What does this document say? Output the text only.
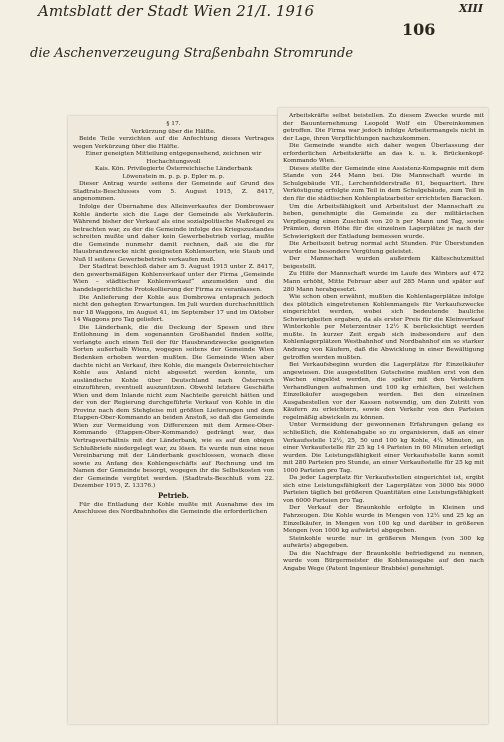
Amtsblatt der Stadt Wien 21/I. 1916	XIII
106
die Aschenverzeugung Straßenbahn Stromrunde

§ 17.

Verkürzung über die Hälfte.

Beide Teile verzichten auf die Anfechtung dieses Vertrages wegen Verkürzung über die Hälfte.

Einer geneigten Mitteilung entgegensehend, zeichnen wir Hochachtungsvoll

Kais. Kön. Privilegierte Österreichische Länderbank

Löwenstein m. p. p. p. Epler m. p.

Dieser Antrag wurde seitens der Gemeinde auf Grund des Stadtrats-Beschlusses vom 5. August 1915, Z. 8417, angenommen.

Infolge der Übernahme des Alleinverkaufes der Dombrowaer Kohle änderte sich die Lage der Gemeinde als Verkäuferin. Während bisher der Verkauf als eine sozialpolitische Maßregel zu betrachten war, zu der die Gemeinde infolge des Kriegszustandes schreiten mußte und daher kein Gewerbebetrieb vorlag, mußte die Gemeinde nunmehr damit rechnen, daß sie die für Hausbrandzwecke nicht geeigneten Kohlensorten, wie Staub und Nuß II seitens Gewerbebetrieb verkaufen muß.

Der Stadtrat beschloß daher am 5. August 1915 unter Z. 8417, den gewerbsmäßigen Kohlenverkauf unter der Firma „Gemeinde Wien – städtischer Kohlenverkauf“ anzumelden und die handelsgerichtliche Protokollierung der Firma zu veranlassen.

Die Anlieferung der Kohle aus Dombrowa entsprach jedoch nicht den gehegten Erwartungen. Im Juli wurden durchschnittlich nur 18 Waggons, im August 41, im September 17 und im Oktober 14 Waggons pro Tag geliefert.

Die Länderbank, die die Deckung der Spesen und ihre Entlohnung in dem sogenannten Großhandel finden sollte, verlangte auch einen Teil der für Hausbrandzwecke geeigneten Sorten außerhalb Wiens, wogegen seitens der Gemeinde Wien Bedenken erhoben werden mußten. Die Gemeinde Wien aber dachte nicht an Verkauf, ihre Kohle, die mangels Österreichischer Kohle aus Anland nicht abgesetzt werden konnte, um ausländische Kohle über Deutschland nach Österreich einzuführen, eventuell auszunützen. Obwohl letztere Geschäfte Wien und dem Inlande nicht zum Nachteile gereicht hätten und der von der Regierung durchgeführte Verkauf von Kohle in die Provinz nach dem Stehgleise mit größten Lieferungen und dem Etappen-Ober-Kommando an beiden Anstoß, so daß die Gemeinde Wien zur Vermeidung von Differenzen mit dem Armee-Ober-Kommando (Etappen-Ober-Kommando) gedrängt war, das Vertragsverhältnis mit der Länderbank, wie es auf den obigen Schlußbriefe niedergelegt war, zu lösen. Es wurde nun eine neue Vereinbarung mit der Länderbank geschlossen, wonach diese sowie zu Anfang des Kohlengeschäfts auf Rechnung und im Namen der Gemeinde besorgt, wogegen ihr die Selbstkosten von der Gemeinde vergütet werden. (Stadtrats-Beschluß vom 22. Dezember 1915, Z. 13376.)

Petrieb.

Für die Entladung der Kohle mußte mit Ausnahme des im Anschlusse des Nordbahnhofes die Gemeinde die erforderlichen

Arbeitskräfte selbst beistellen. Zu diesem Zwecke wurde mit der Bauunternehmung Leopold Wolf ein Übereinkommen getroffen. Die Firma war jedoch infolge Arbeitermangels nicht in der Lage, ihren Verpflichtungen nachzukommen.

Die Gemeinde wandte sich daher wegen Überlassung der erforderlichen Arbeitskräfte an das k. u. k. Brückenkopf-Kommando Wien.

Dieses stellte der Gemeinde eine Assistenz-Kompagnie mit dem Stande von 244 Mann bei. Die Mannschaft wurde in Schulgebäude VII., Lerchenfelderstraße 61, bequartiert. Ihre Verköstigung erfolgte zum Teil in dem Schulgebäude, zum Teil in den für die städtischen Kohlenplatzarbeiter errichteten Baracken.

Um die Arbeitsfähigkeit und Arbeitslust der Mannschaft zu heben, genehmigte die Gemeinde zu der militärischen Verpflegung einen Zuschuß von 20 h per Mann und Tag, sowie Prämien, deren Höhe für die einzelnen Lagerplätze je nach der Schwierigkeit der Entladung bemessen wurde.

Die Arbeitszeit betrug normal acht Stunden. Für Überstunden wurde eine besondere Vergütung geleistet.

Der Mannschaft wurden außerdem Kälteschutzmittel beigestellt.

Zu Hilfe der Mannschaft wurde im Laufe des Winters auf 472 Mann erhöht, Mitte Februar aber auf 285 Mann und später auf 280 Mann herabgesetzt.

Wie schon oben erwähnt, mußten die Kohlenlagerplätze infolge des plötzlich eingetretenen Kohlenmangels für Verkaufszwecke eingerichtet werden, wobei sich bedeutende bauliche Schwierigkeiten ergaben, da als erster Preis für die Kleinverkauf Winterkohle per Meterzentner 12½ K berücksichtigt werden mußte. In kurzer Zeit ergab sich insbesondere auf den Kohlenlagerplätzen Westbahnhof und Nordbahnhof ein so starker Andrang von Käufern, daß die Abwicklung in einer Bewältigung getroffen werden mußten.

Bei Verkaufsbeginn wurden die Lagerplätze für Einzelkäufer angewiesen. Die ausgestellten Gutscheine mußten erst von den Wachen eingelöst werden, die später mit den Verkäufern Verhandlungen aufnahmen und 100 kg erhielten, bei welchen Einzelkäufer ausgegeben werden. Bei den einzelnen Ausgabestellen vor der Kassen notwendig, um den Zutritt von Käufern zu erleichtern, sowie den Verkehr von den Parteien regelmäßig abwickeln zu können.

Unter Vermeidung der gewonnenen Erfahrungen gelang es schließlich, die Kohlenabgabe so zu organisieren, daß an einer Verkaufsstelle 12½, 25, 50 und 100 kg Kohle, 4¼ Minuten, an einer Verkaufsstelle für 25 kg 14 Parteien in 60 Minuten erledigt wurden. Die Leistungsfähigkeit einer Verkaufsstelle kann somit mit 280 Parteien pro Stunde, an einer Verkaufsstelle für 25 kg mit 1000 Parteien pro Tag.

Da jeder Lagerplatz für Verkaufsstellen eingerichtet ist, ergibt sich eine Leistungsfähigkeit der Lagerplätze von 3000 bis 9000 Parteien täglich bei größeren Quantitäten eine Leistungsfähigkeit von 6000 Parteien pro Tag.

Der Verkauf der Braunkohle erfolgte in Kleinen und Fahrzeugen. Die Kohle wurde in Mengen von 12½ und 25 kg an Einzelkäufer, in Mengen von 100 kg und darüber in größeren Mengen (von 1000 kg aufwärts) abgegeben.

Steinkohle wurde nur in größeren Mengen (von 300 kg aufwärts) abgegeben.

Da die Nachfrage der Braunkohle befriedigend zu nennen, wurde vom Bürgermeister die Kohlenausgabe auf den nach Angabe Wege (Patent Ingenieur Brabbée) genehmigt.
